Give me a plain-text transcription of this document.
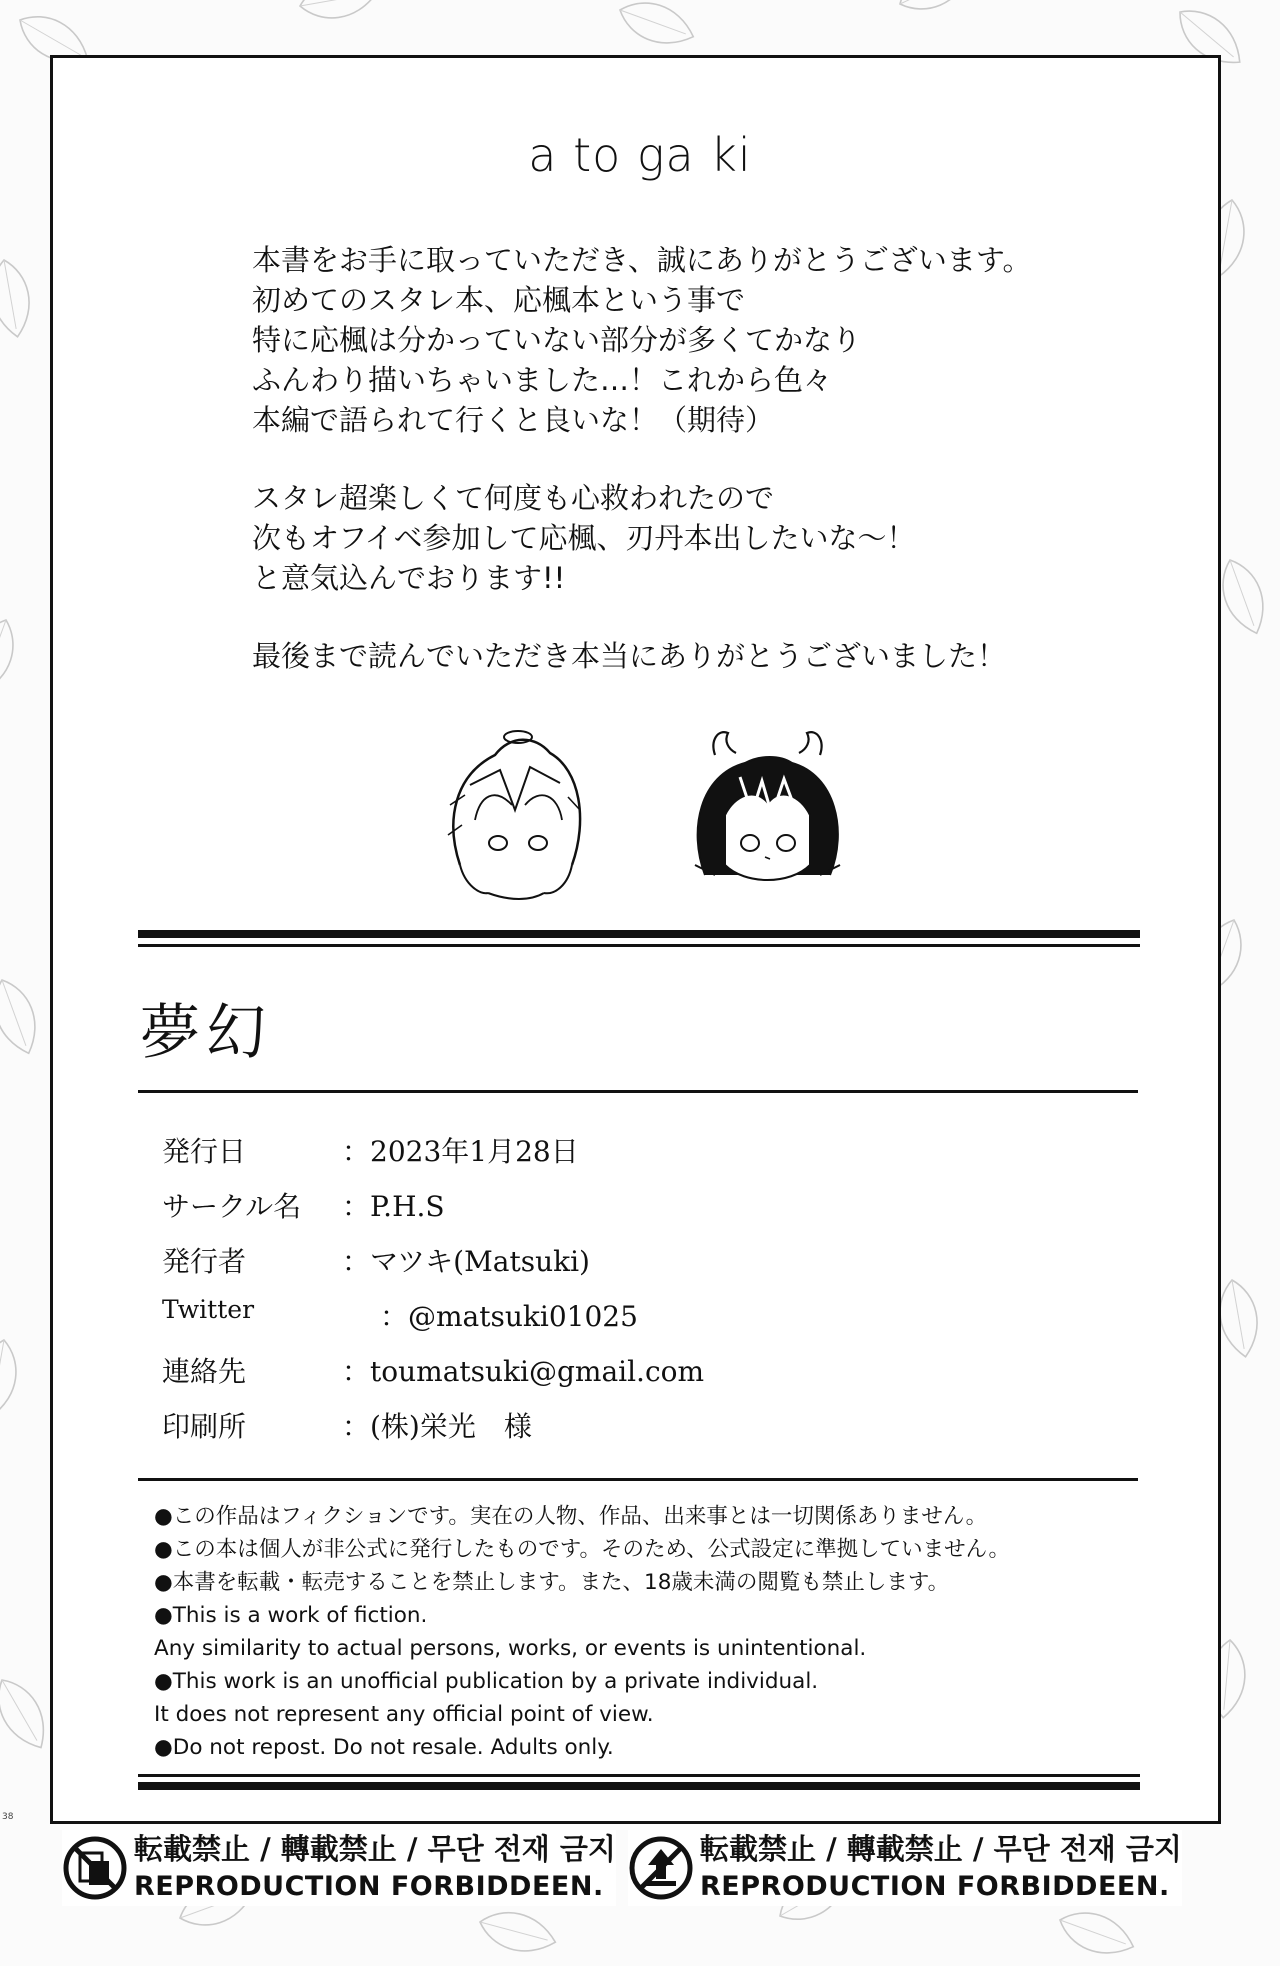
38
a to ga ki

本書をお手に取っていただき、誠にありがとうございます。

初めてのスタレ本、応楓本という事で

特に応楓は分かっていない部分が多くてかなり

ふんわり描いちゃいました…！これから色々

本編で語られて行くと良いな！（期待）

スタレ超楽しくて何度も心救われたので

次もオフイベ参加して応楓、刃丹本出したいな～！

と意気込んでおります!!

最後まで読んでいただき本当にありがとうございました！

夢幻
発行日	：2023年1月28日
サークル名	：P.H.S
発行者	：マツキ(Matsuki)
Twitter	：@matsuki01025
連絡先	：toumatsuki@gmail.com
印刷所	：(株)栄光　様

●この作品はフィクションです。実在の人物、作品、出来事とは一切関係ありません。

●この本は個人が非公式に発行したものです。そのため、公式設定に準拠していません。

●本書を転載・転売することを禁止します。また、18歳未満の閲覧も禁止します。

●This is a work of fiction.

Any similarity to actual persons, works, or events is unintentional.

●This work is an unofficial publication by a private individual.

It does not represent any official point of view.

●Do not repost. Do not resale. Adults only.

転載禁止 / 轉載禁止 / 무단 전재 금지
REPRODUCTION FORBIDDEEN.
転載禁止 / 轉載禁止 / 무단 전재 금지
REPRODUCTION FORBIDDEEN.
